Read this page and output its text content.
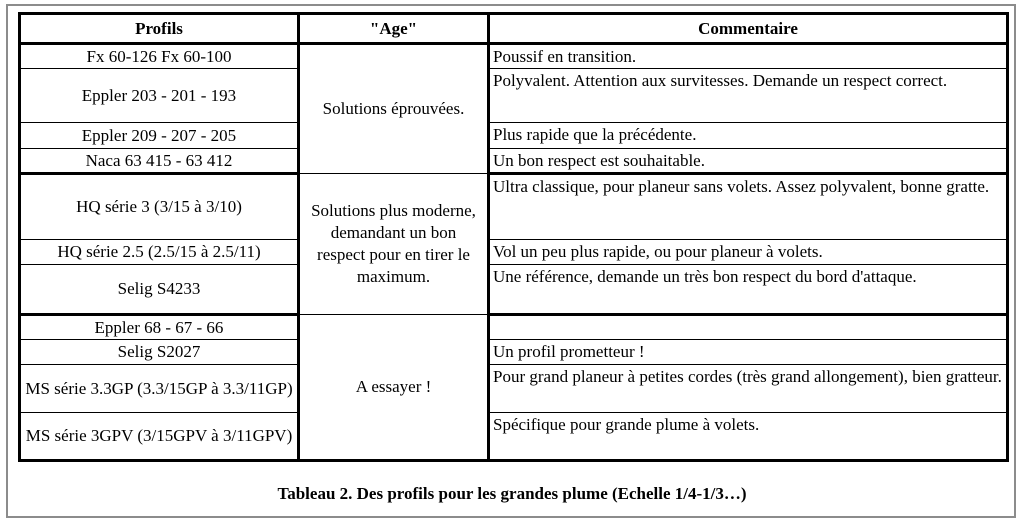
Profils	"Age"	Commentaire
Fx 60-126 Fx 60-100	Solutions éprouvées.	Poussif en transition.
Eppler 203 - 201 - 193		Polyvalent. Attention aux survitesses. Demande un respect correct.
Eppler 209 - 207 - 205		Plus rapide que la précédente.
Naca 63 415 - 63 412		Un bon respect est souhaitable.
HQ série 3 (3/15 à 3/10)	Solutions plus moderne, demandant un bon respect pour en tirer le maximum.	Ultra classique, pour planeur sans volets. Assez polyvalent, bonne gratte.
HQ série 2.5 (2.5/15 à 2.5/11)		Vol un peu plus rapide, ou pour planeur à volets.
Selig S4233		Une référence, demande un très bon respect du bord d'attaque.
Eppler 68 - 67 - 66	A essayer !	
Selig S2027		Un profil prometteur !
MS série 3.3GP (3.3/15GP à 3.3/11GP)		Pour grand planeur à petites cordes (très grand allongement), bien gratteur.
MS série 3GPV (3/15GPV à 3/11GPV)		Spécifique pour grande plume à volets.
Tableau 2. Des profils pour les grandes plume (Echelle 1/4-1/3…)
